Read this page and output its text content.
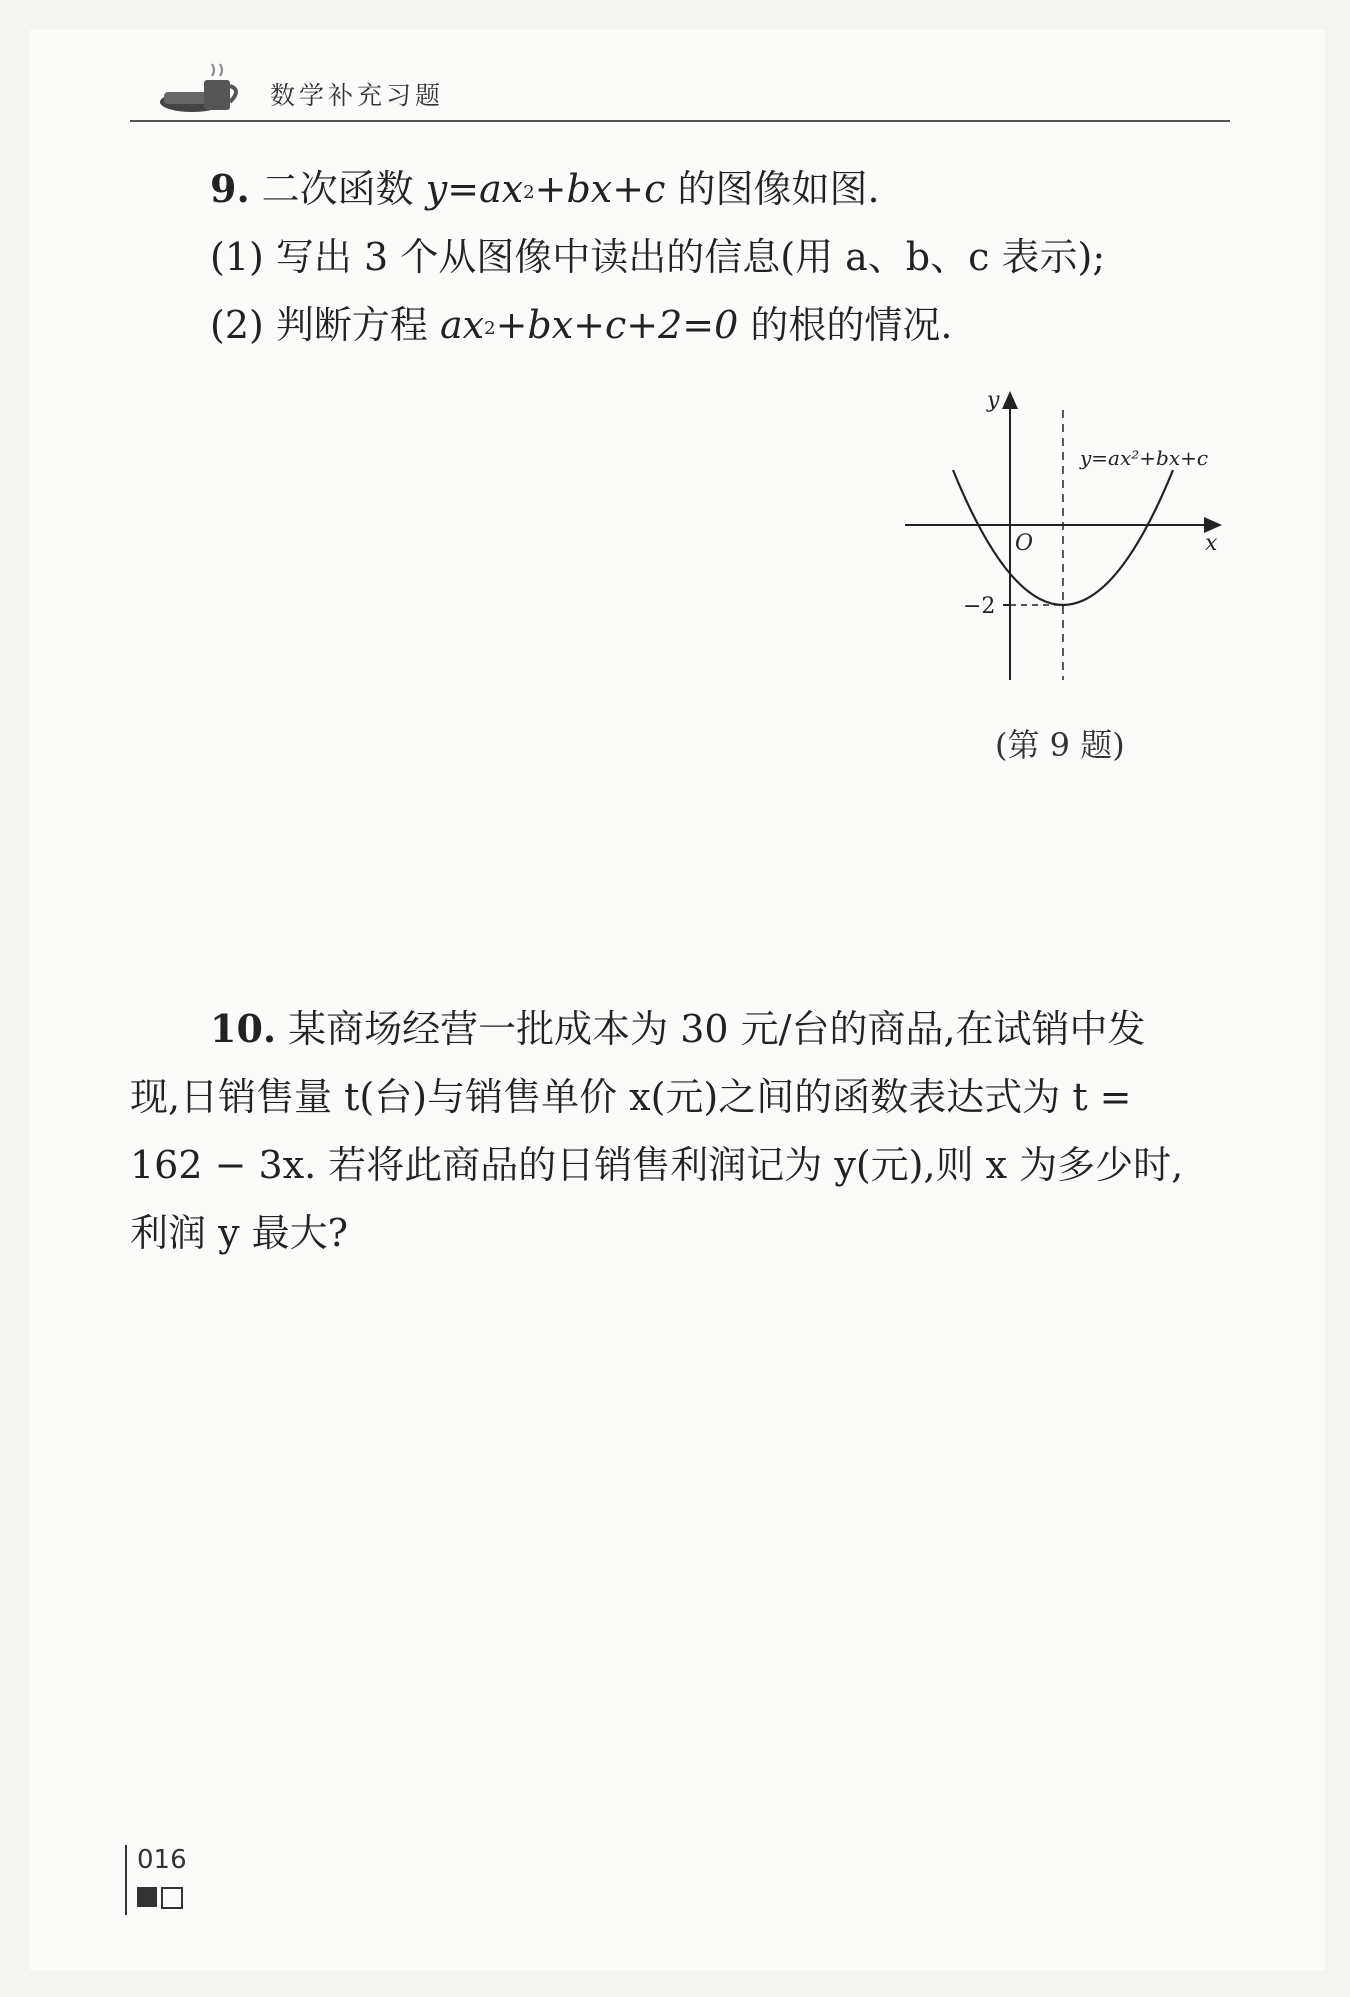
数学补充习题
9. 二次函数 $y=ax^2+bx+c$ 的图像如图.
(1) 写出 3 个从图像中读出的信息(用 a、b、c 表示);
(2) 判断方程 $ax^2+bx+c+2=0$ 的根的情况.
y
x
O
−2
y=ax²+bx+c
(第 9 题)
10. 某商场经营一批成本为 30 元/台的商品,在试销中发
现,日销售量 t(台)与销售单价 x(元)之间的函数表达式为 t =
162 − 3x. 若将此商品的日销售利润记为 y(元),则 x 为多少时,
利润 y 最大?
016
